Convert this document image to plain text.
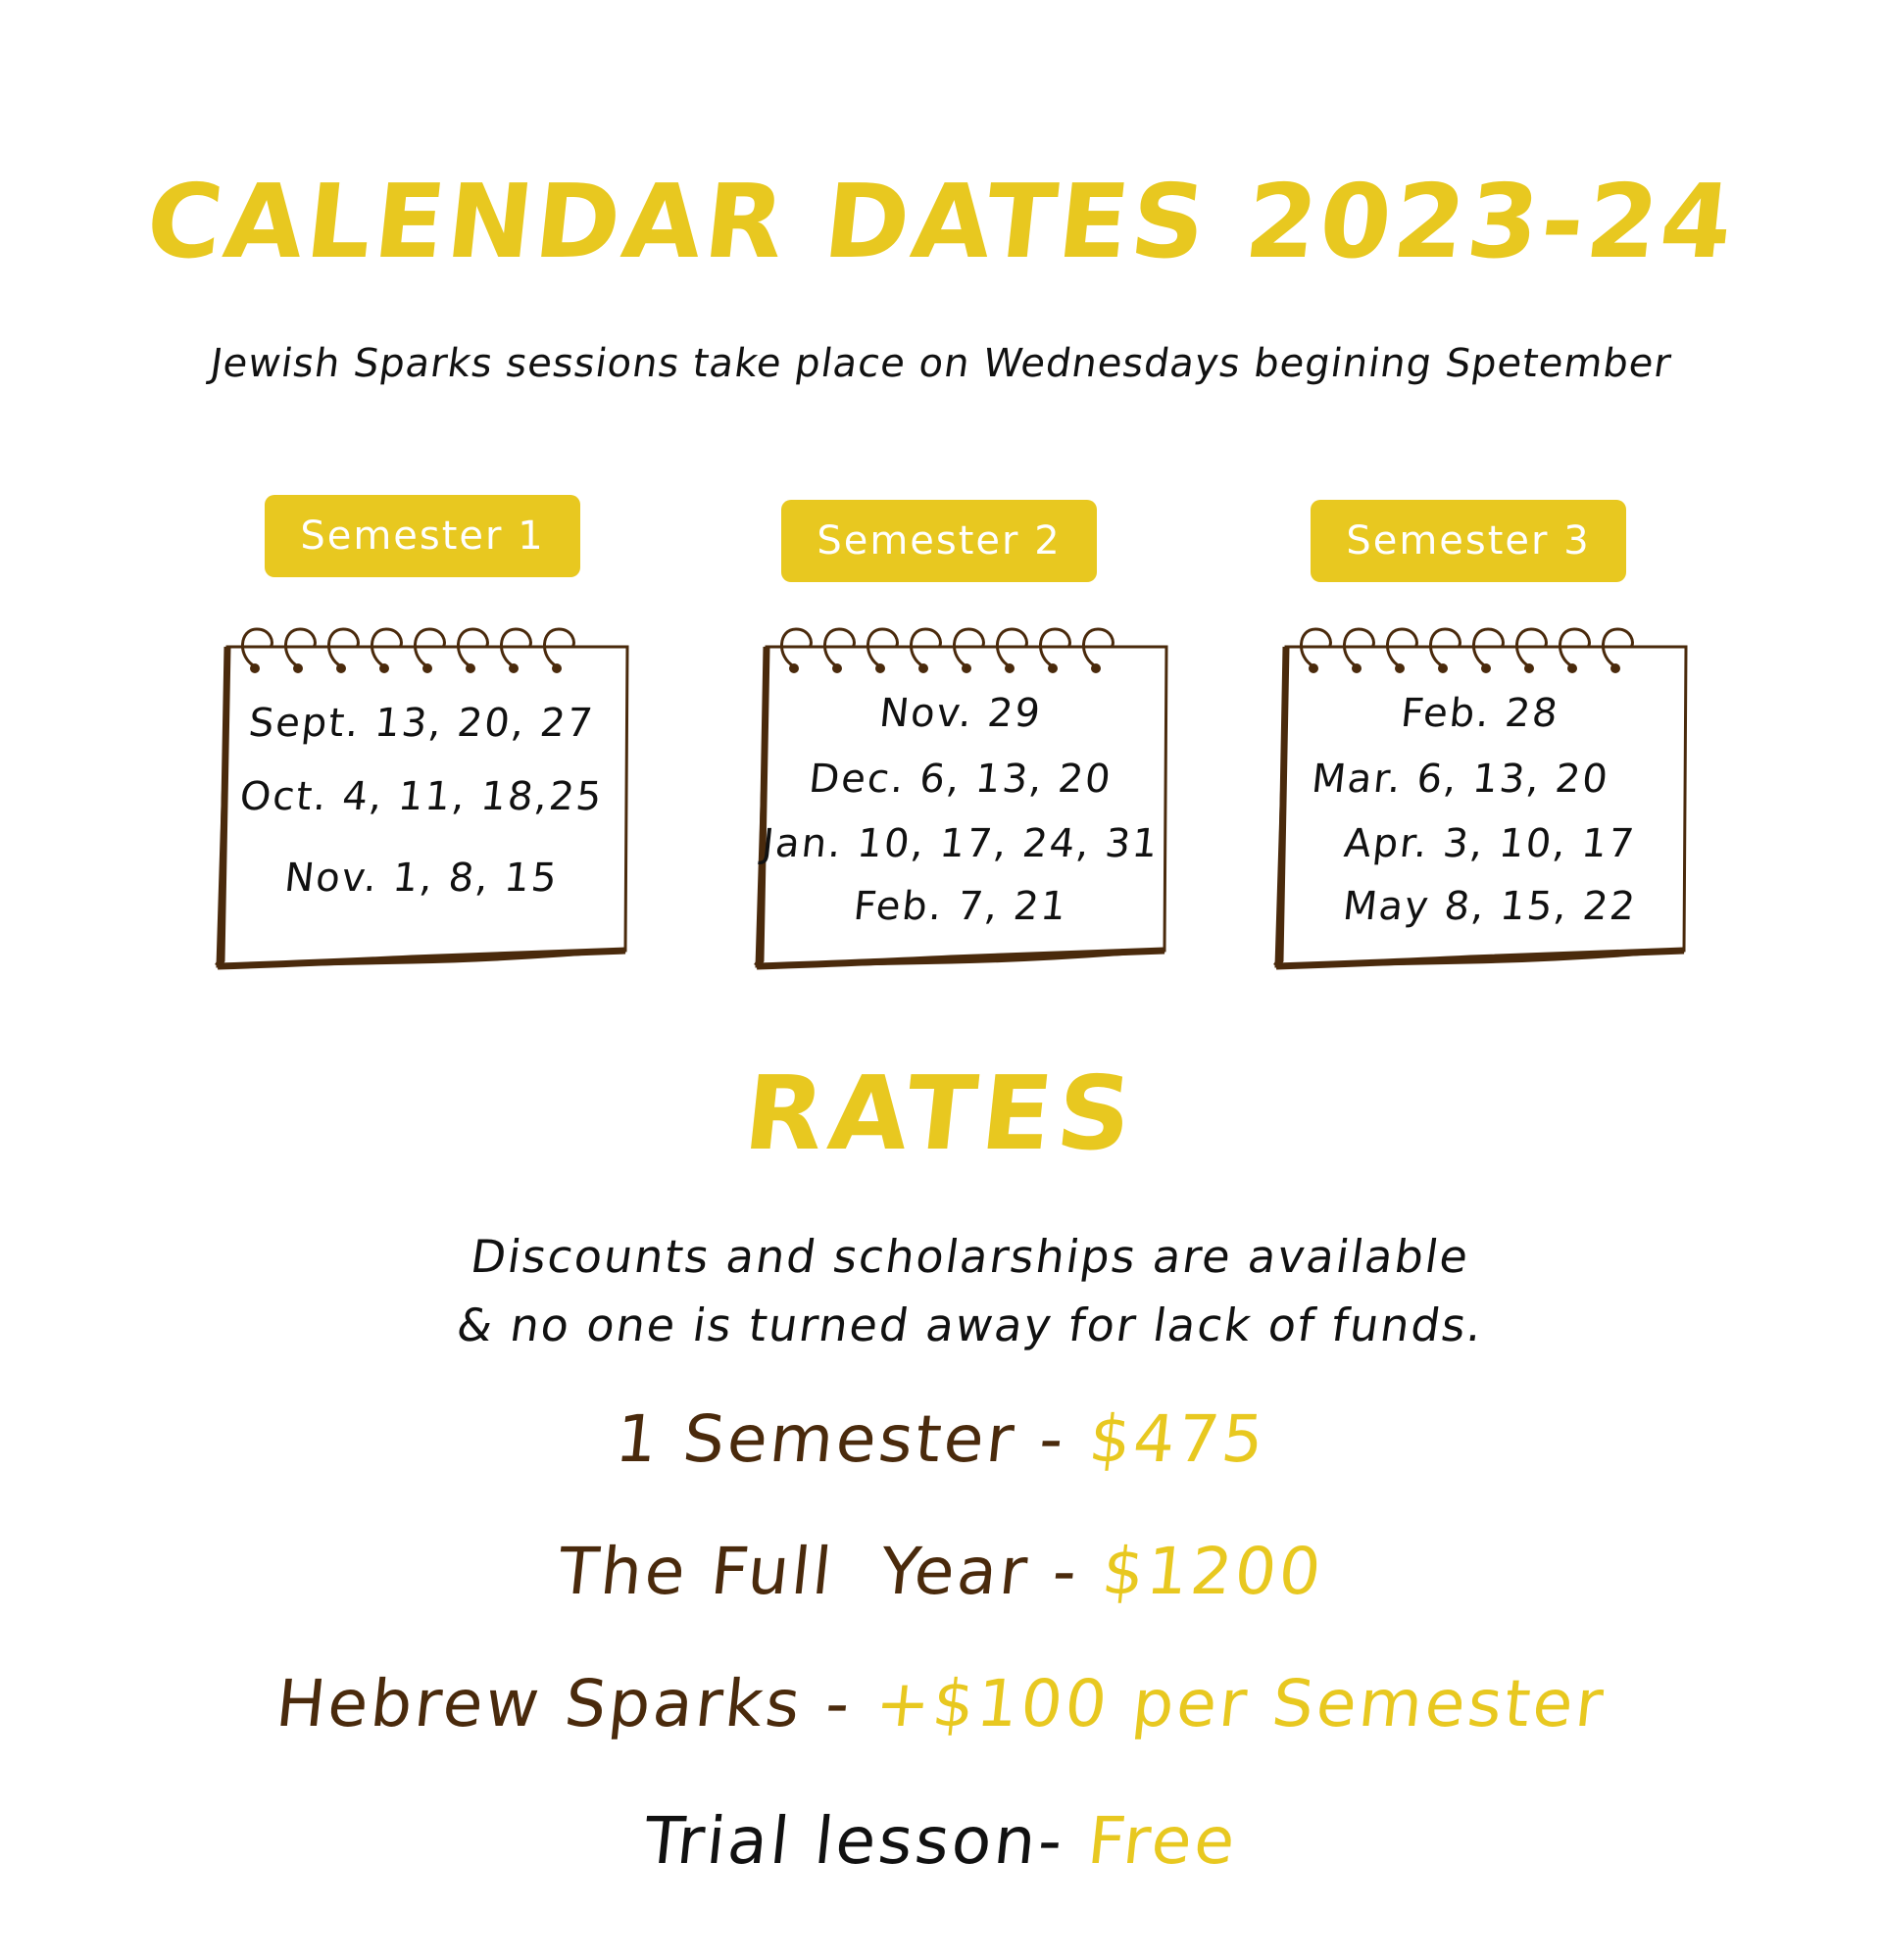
CALENDAR DATES 2023-24
Jewish Sparks sessions take place on Wednesdays begining Spetember
Semester 1	Semester 2	Semester 3
Sept. 13, 20, 27
Oct. 4, 11, 18,25
Nov. 1, 8, 15
Nov. 29
Dec. 6, 13, 20
Jan. 10, 17, 24, 31
Feb. 7, 21
Feb. 28
Mar. 6, 13, 20
Apr. 3, 10, 17
May 8, 15, 22
RATES
Discounts and scholarships are available
& no one is turned away for lack of funds.
1 Semester - $475
The Full  Year - $1200
Hebrew Sparks - +$100 per Semester
Trial lesson- Free
